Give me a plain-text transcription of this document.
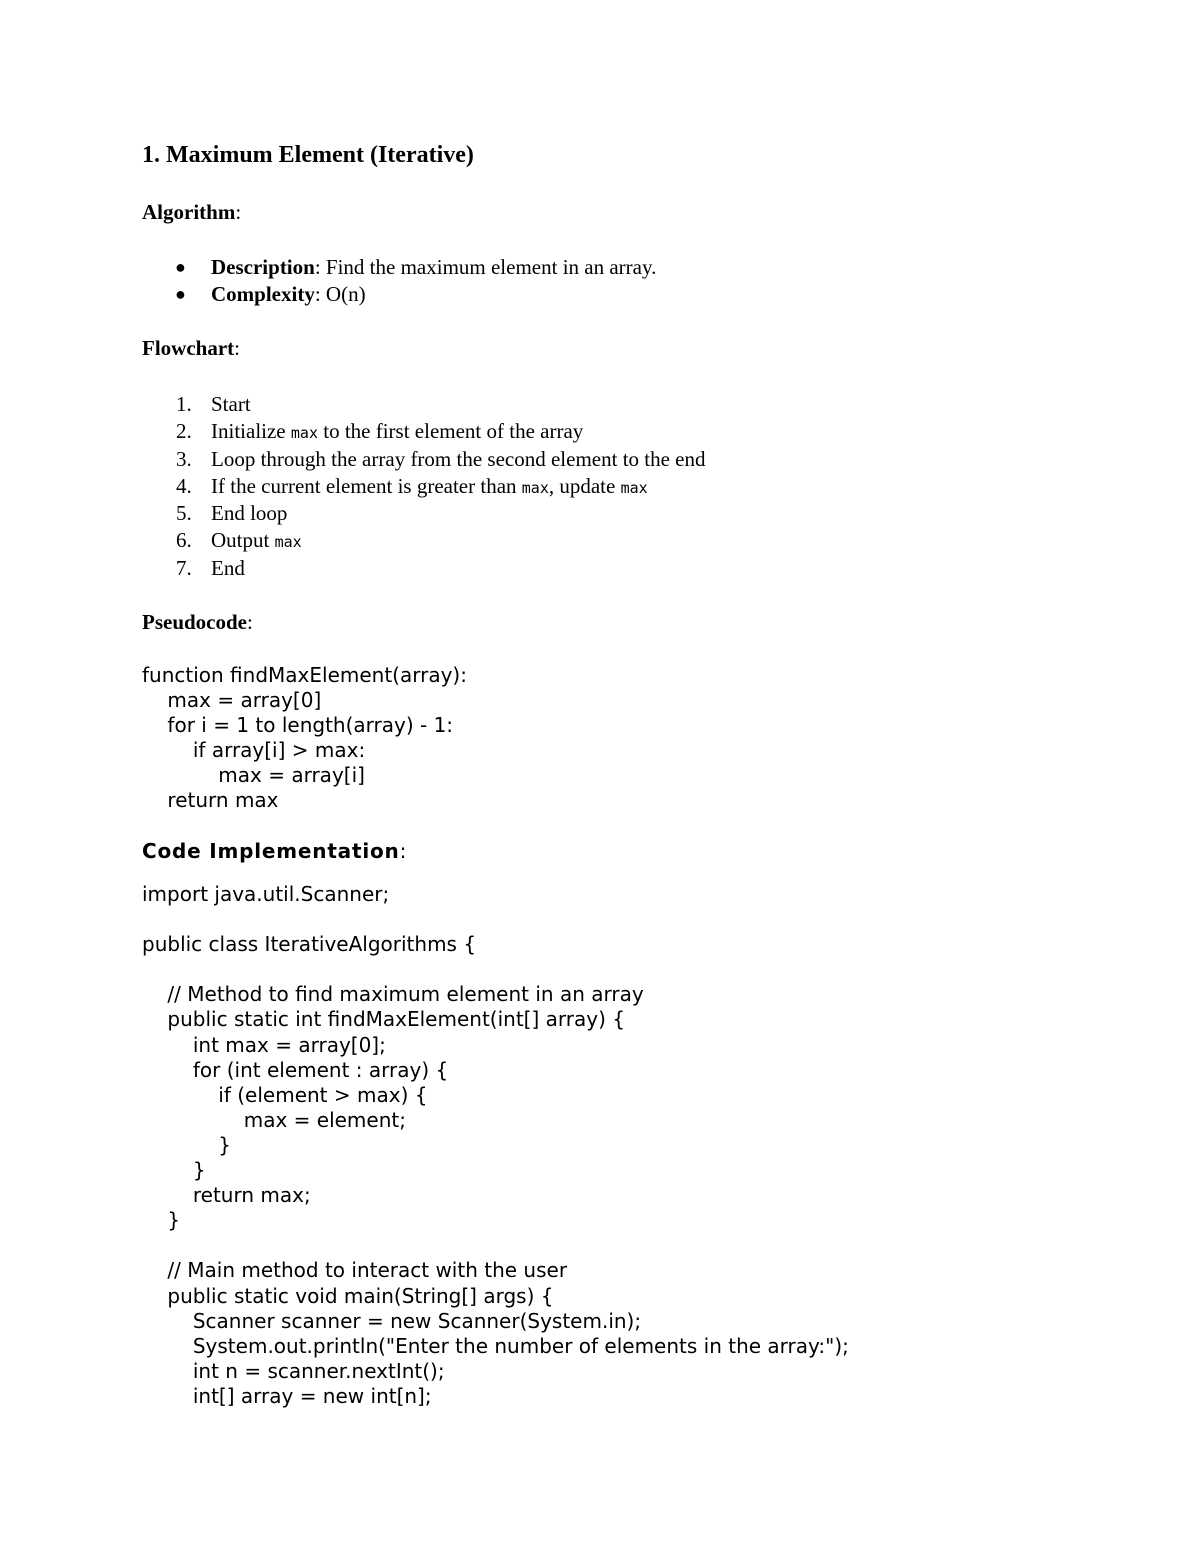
1. Maximum Element (Iterative)

Algorithm:

● Description: Find the maximum element in an array.
● Complexity: O(n)

Flowchart:

1. Start
2. Initialize max to the first element of the array
3. Loop through the array from the second element to the end
4. If the current element is greater than max, update max
5. End loop
6. Output max
7. End

Pseudocode:

function findMaxElement(array):
max = array[0]
for i = 1 to length(array) - 1:
if array[i] > max:
max = array[i]
return max

Code Implementation:

import java.util.Scanner;
public class IterativeAlgorithms {
// Method to find maximum element in an array
public static int findMaxElement(int[] array) {
int max = array[0];
for (int element : array) {
if (element > max) {
max = element;
}
}
return max;
}
// Main method to interact with the user
public static void main(String[] args) {
Scanner scanner = new Scanner(System.in);
System.out.println("Enter the number of elements in the array:");
int n = scanner.nextInt();
int[] array = new int[n];
